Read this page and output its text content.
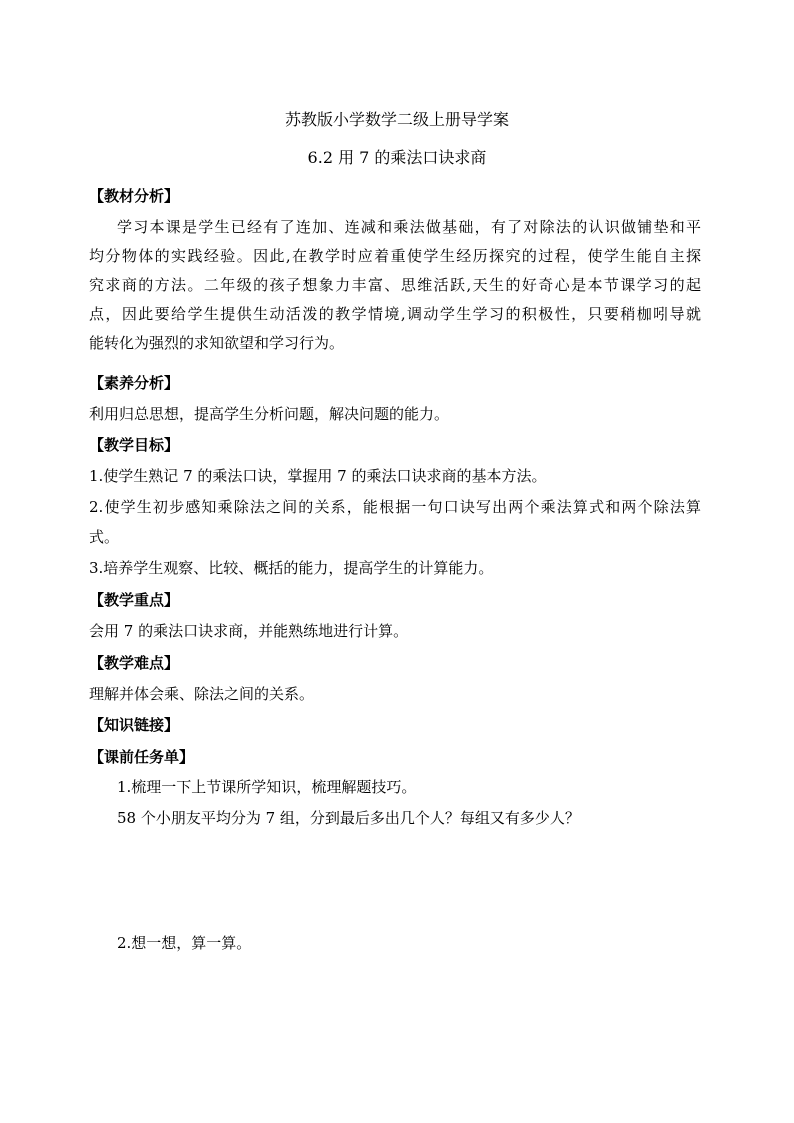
苏教版小学数学二级上册导学案
6.2 用 7 的乘法口诀求商
【教材分析】
学习本课是学生已经有了连加、连减和乘法做基础，有了对除法的认识做铺垫和平
均分物体的实践经验。因此,在教学时应着重使学生经历探究的过程，使学生能自主探
究求商的方法。二年级的孩子想象力丰富、思维活跃,天生的好奇心是本节课学习的起
点，因此要给学生提供生动活泼的教学情境,调动学生学习的积极性，只要稍枷吲导就
能转化为强烈的求知欲望和学习行为。
【素养分析】
利用归总思想，提高学生分析问题，解决问题的能力。
【教学目标】
1.使学生熟记 7 的乘法口诀，掌握用 7 的乘法口诀求商的基本方法。
2.使学生初步感知乘除法之间的关系，能根据一句口诀写出两个乘法算式和两个除法算
式。
3.培养学生观察、比较、概括的能力，提高学生的计算能力。
【教学重点】
会用 7 的乘法口诀求商，并能熟练地进行计算。
【教学难点】
理解并体会乘、除法之间的关系。
【知识链接】
【课前任务单】
1.梳理一下上节课所学知识，梳理解题技巧。
58 个小朋友平均分为 7 组，分到最后多出几个人？每组又有多少人？
2.想一想，算一算。
